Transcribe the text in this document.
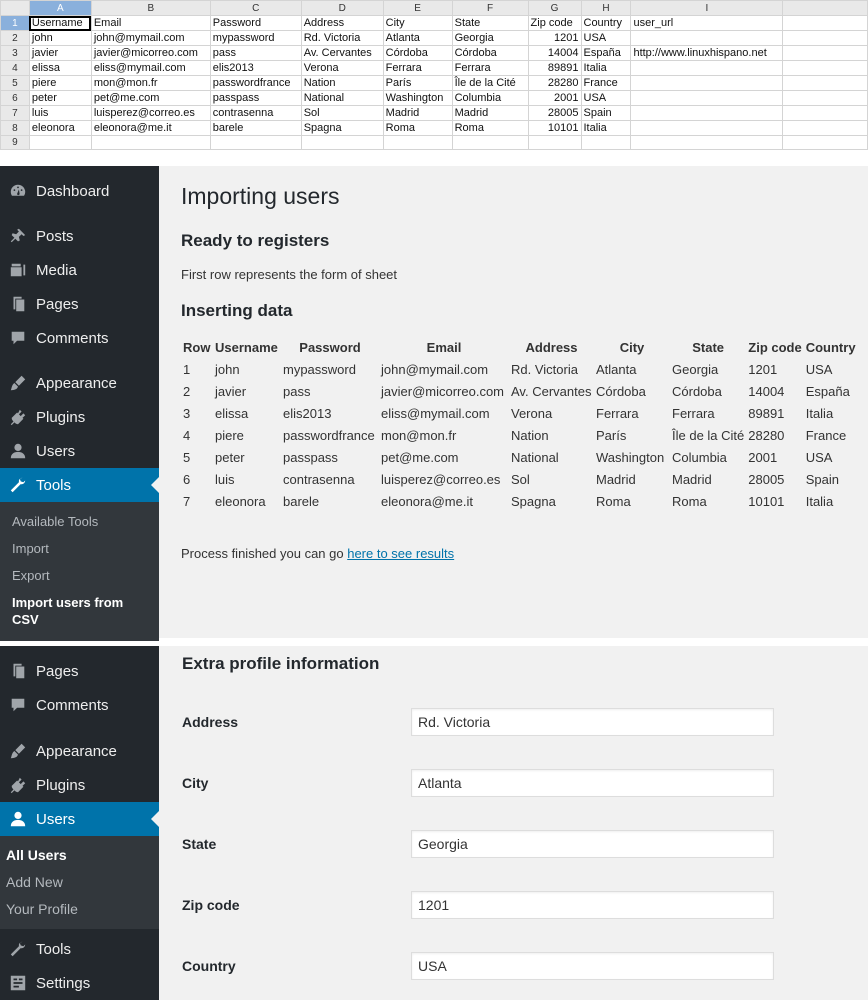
	A	B	C	D	E	F	G	H	I	
1	Username	Email	Password	Address	City	State	Zip code	Country	user_url	
2	john	john@mymail.com	mypassword	Rd. Victoria	Atlanta	Georgia	1201	USA		
3	javier	javier@micorreo.com	pass	Av. Cervantes	Córdoba	Córdoba	14004	España	http://www.linuxhispano.net	
4	elissa	eliss@mymail.com	elis2013	Verona	Ferrara	Ferrara	89891	Italia		
5	piere	mon@mon.fr	passwordfrance	Nation	París	Île de la Cité	28280	France		
6	peter	pet@me.com	passpass	National	Washington	Columbia	2001	USA		
7	luis	luisperez@correo.es	contrasenna	Sol	Madrid	Madrid	28005	Spain		
8	eleonora	eleonora@me.it	barele	Spagna	Roma	Roma	10101	Italia		
9										
Dashboard
Posts
Media
Pages
Comments
Appearance
Plugins
Users
Tools
Available Tools
Import
Export
Import users from CSV
Importing users
Ready to registers
First row represents the form of sheet
Inserting data
Row	Username	Password	Email	Address	City	State	Zip code	Country
1	john	mypassword	john@mymail.com	Rd. Victoria	Atlanta	Georgia	1201	USA
2	javier	pass	javier@micorreo.com	Av. Cervantes	Córdoba	Córdoba	14004	España
3	elissa	elis2013	eliss@mymail.com	Verona	Ferrara	Ferrara	89891	Italia
4	piere	passwordfrance	mon@mon.fr	Nation	París	Île de la Cité	28280	France
5	peter	passpass	pet@me.com	National	Washington	Columbia	2001	USA
6	luis	contrasenna	luisperez@correo.es	Sol	Madrid	Madrid	28005	Spain
7	eleonora	barele	eleonora@me.it	Spagna	Roma	Roma	10101	Italia
Process finished you can go here to see results
Pages
Comments
Appearance
Plugins
Users
All Users
Add New
Your Profile
Tools
Settings
Extra profile information
Address
Rd. Victoria
City
Atlanta
State
Georgia
Zip code
1201
Country
USA
